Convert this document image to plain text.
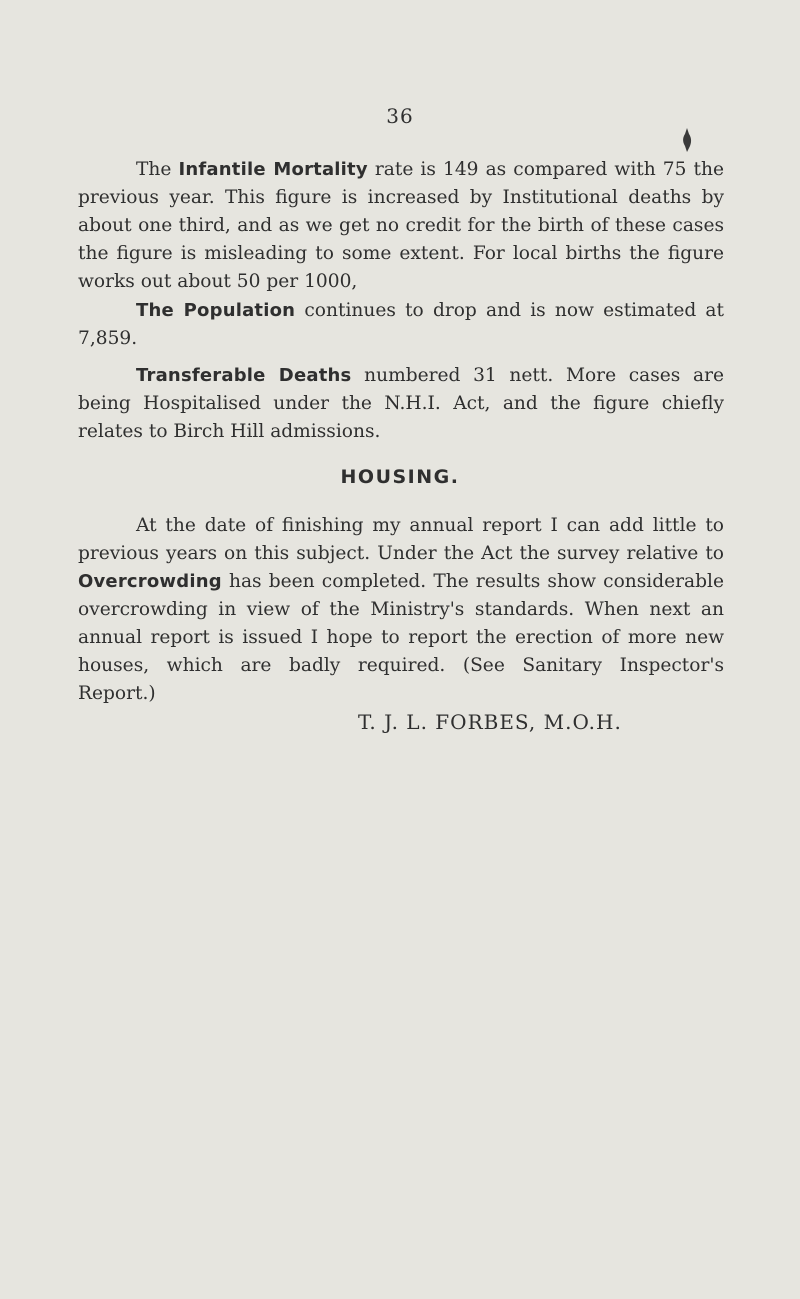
36

The Infantile Mortality rate is 149 as compared with 75 the previous year. This figure is increased by Institutional deaths by about one third, and as we get no credit for the birth of these cases the figure is misleading to some extent. For local births the figure works out about 50 per 1000,

The Population continues to drop and is now estimated at 7,859.

Transferable Deaths numbered 31 nett. More cases are being Hospitalised under the N.H.I. Act, and the figure chiefly relates to Birch Hill admissions.

HOUSING.

At the date of finishing my annual report I can add little to previous years on this subject. Under the Act the survey relative to Overcrowding has been completed. The results show considerable overcrowding in view of the Ministry's standards. When next an annual report is issued I hope to report the erection of more new houses, which are badly required. (See Sanitary Inspector's Report.)

T. J. L. FORBES, M.O.H.
